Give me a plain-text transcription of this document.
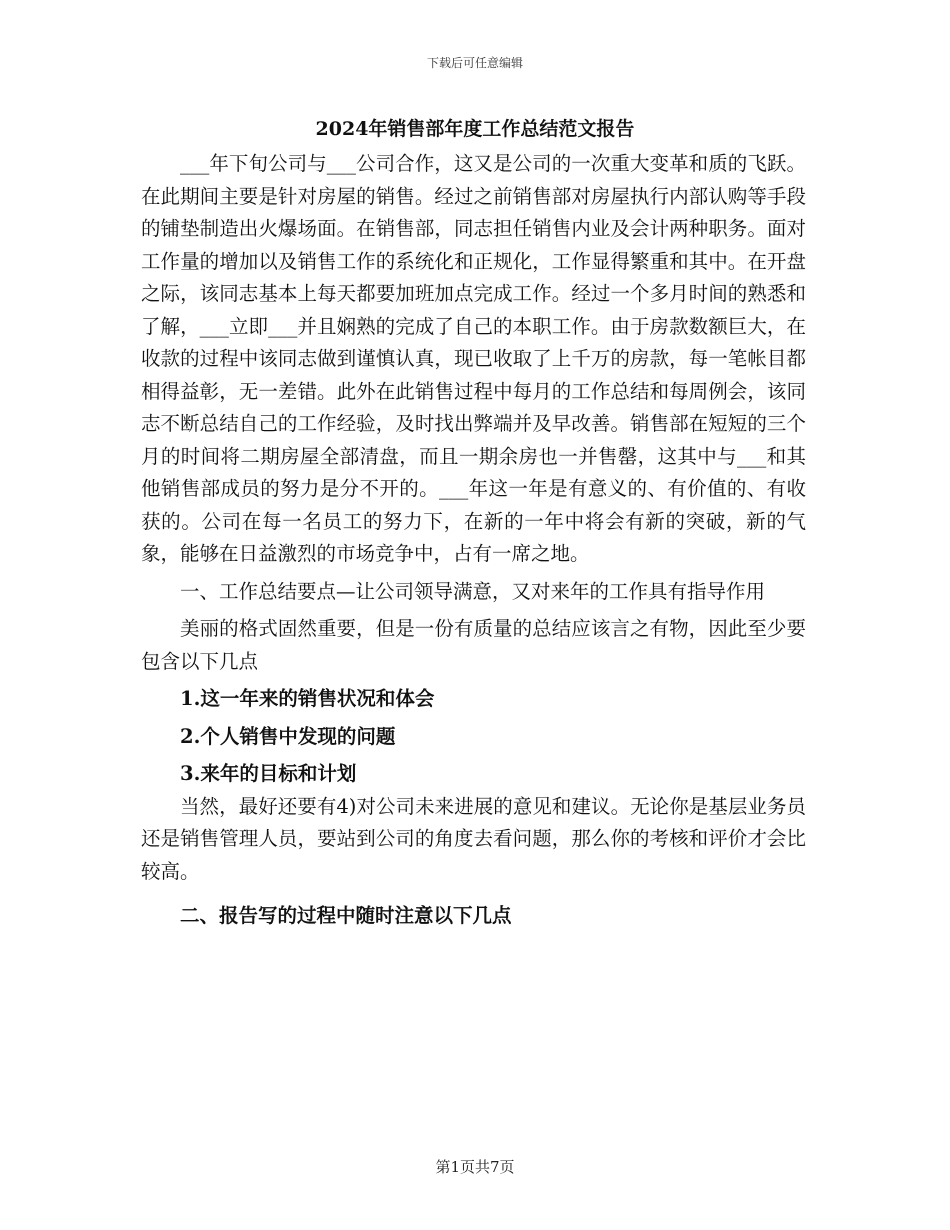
下载后可任意编辑
2024年销售部年度工作总结范文报告

___年下旬公司与___公司合作，这又是公司的一次重大变革和质的飞跃。在此期间主要是针对房屋的销售。经过之前销售部对房屋执行内部认购等手段的铺垫制造出火爆场面。在销售部，同志担任销售内业及会计两种职务。面对工作量的增加以及销售工作的系统化和正规化，工作显得繁重和其中。在开盘之际，该同志基本上每天都要加班加点完成工作。经过一个多月时间的熟悉和了解，___立即___并且娴熟的完成了自己的本职工作。由于房款数额巨大，在收款的过程中该同志做到谨慎认真，现已收取了上千万的房款，每一笔帐目都相得益彰，无一差错。此外在此销售过程中每月的工作总结和每周例会，该同志不断总结自己的工作经验，及时找出弊端并及早改善。销售部在短短的三个月的时间将二期房屋全部清盘，而且一期余房也一并售罄，这其中与___和其他销售部成员的努力是分不开的。___年这一年是有意义的、有价值的、有收获的。公司在每一名员工的努力下，在新的一年中将会有新的突破，新的气象，能够在日益激烈的市场竞争中，占有一席之地。

一、工作总结要点—让公司领导满意，又对来年的工作具有指导作用

美丽的格式固然重要，但是一份有质量的总结应该言之有物，因此至少要包含以下几点

1.这一年来的销售状况和体会

2.个人销售中发现的问题

3.来年的目标和计划

当然，最好还要有4)对公司未来进展的意见和建议。无论你是基层业务员还是销售管理人员，要站到公司的角度去看问题，那么你的考核和评价才会比较高。

二、报告写的过程中随时注意以下几点

第1页共7页
